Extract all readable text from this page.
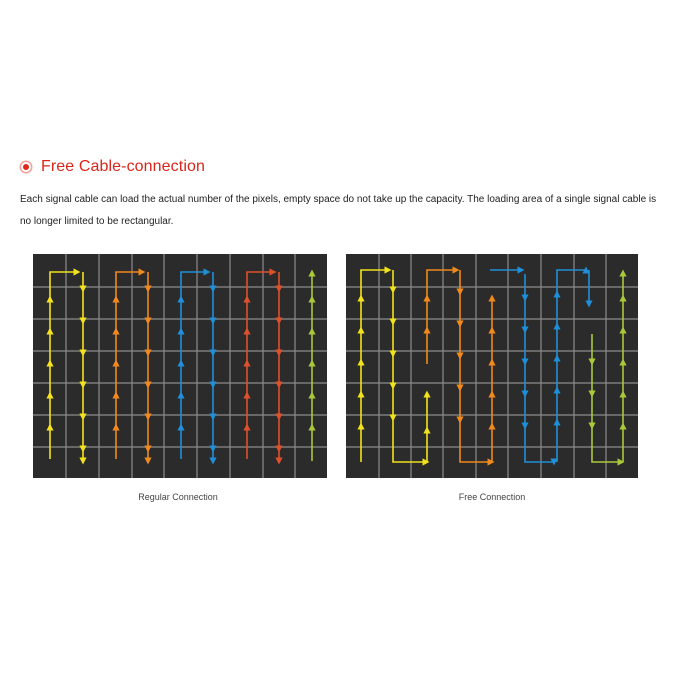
Free Cable-connection
Each signal cable can load the actual number of the pixels, empty space do not take up the capacity. The loading area of a single signal cable is no longer limited to be rectangular.
Regular Connection	Free Connection
